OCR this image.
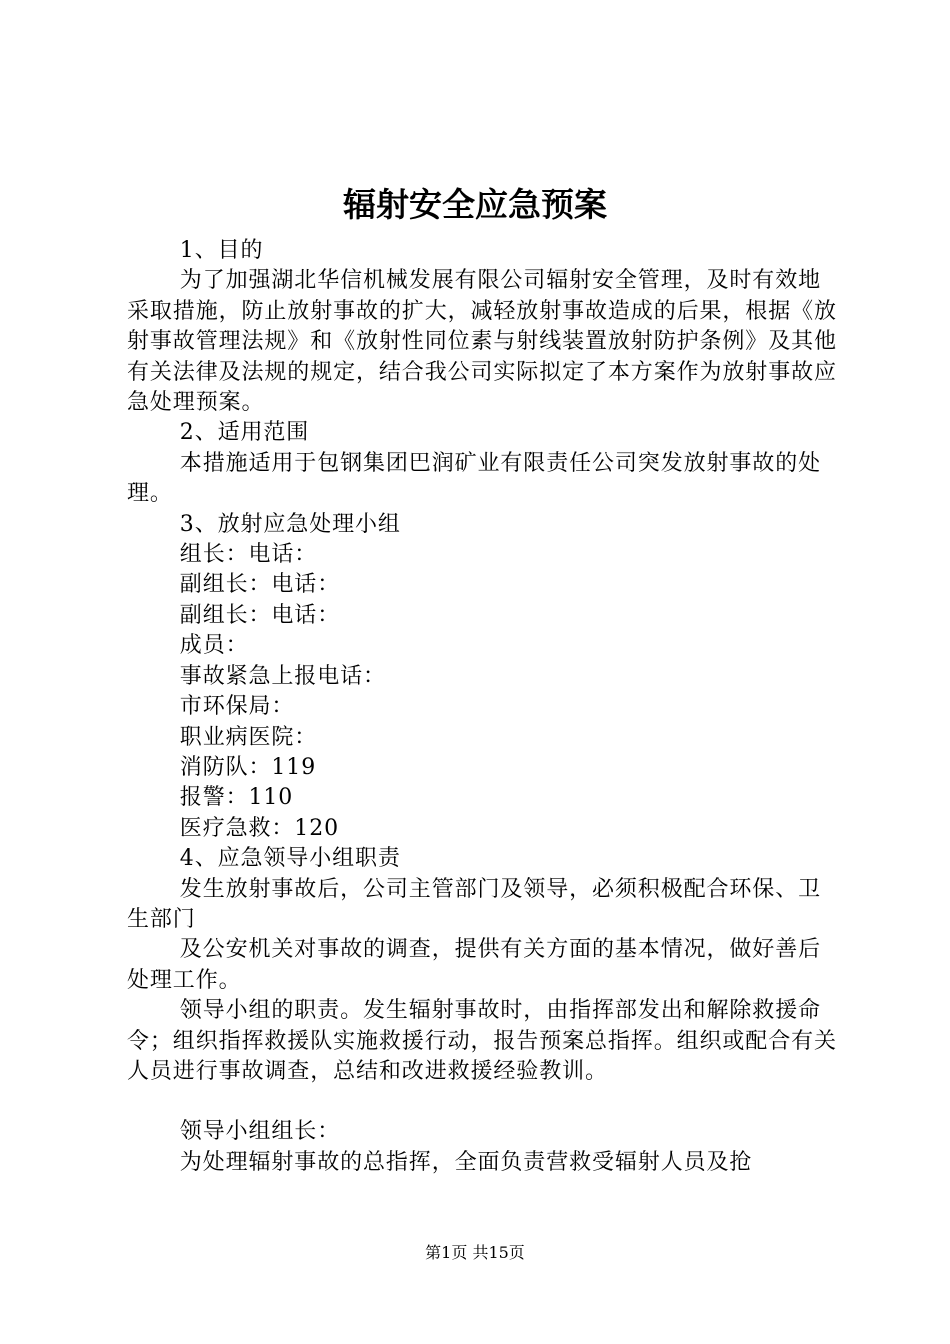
辐射安全应急预案

1、目的

为了加强湖北华信机械发展有限公司辐射安全管理，及时有效地采取措施，防止放射事故的扩大，减轻放射事故造成的后果，根据《放射事故管理法规》和《放射性同位素与射线装置放射防护条例》及其他有关法律及法规的规定，结合我公司实际拟定了本方案作为放射事故应急处理预案。

2、适用范围

本措施适用于包钢集团巴润矿业有限责任公司突发放射事故的处理。

3、放射应急处理小组

组长：电话：

副组长：电话：

副组长：电话：

成员：

事故紧急上报电话：

市环保局：

职业病医院：

消防队：119

报警：110

医疗急救：120

4、应急领导小组职责

发生放射事故后，公司主管部门及领导，必须积极配合环保、卫生部门

及公安机关对事故的调查，提供有关方面的基本情况，做好善后处理工作。

领导小组的职责。发生辐射事故时，由指挥部发出和解除救援命令；组织指挥救援队实施救援行动，报告预案总指挥。组织或配合有关人员进行事故调查，总结和改进救援经验教训。

领导小组组长：

为处理辐射事故的总指挥，全面负责营救受辐射人员及抢

第1页 共15页
